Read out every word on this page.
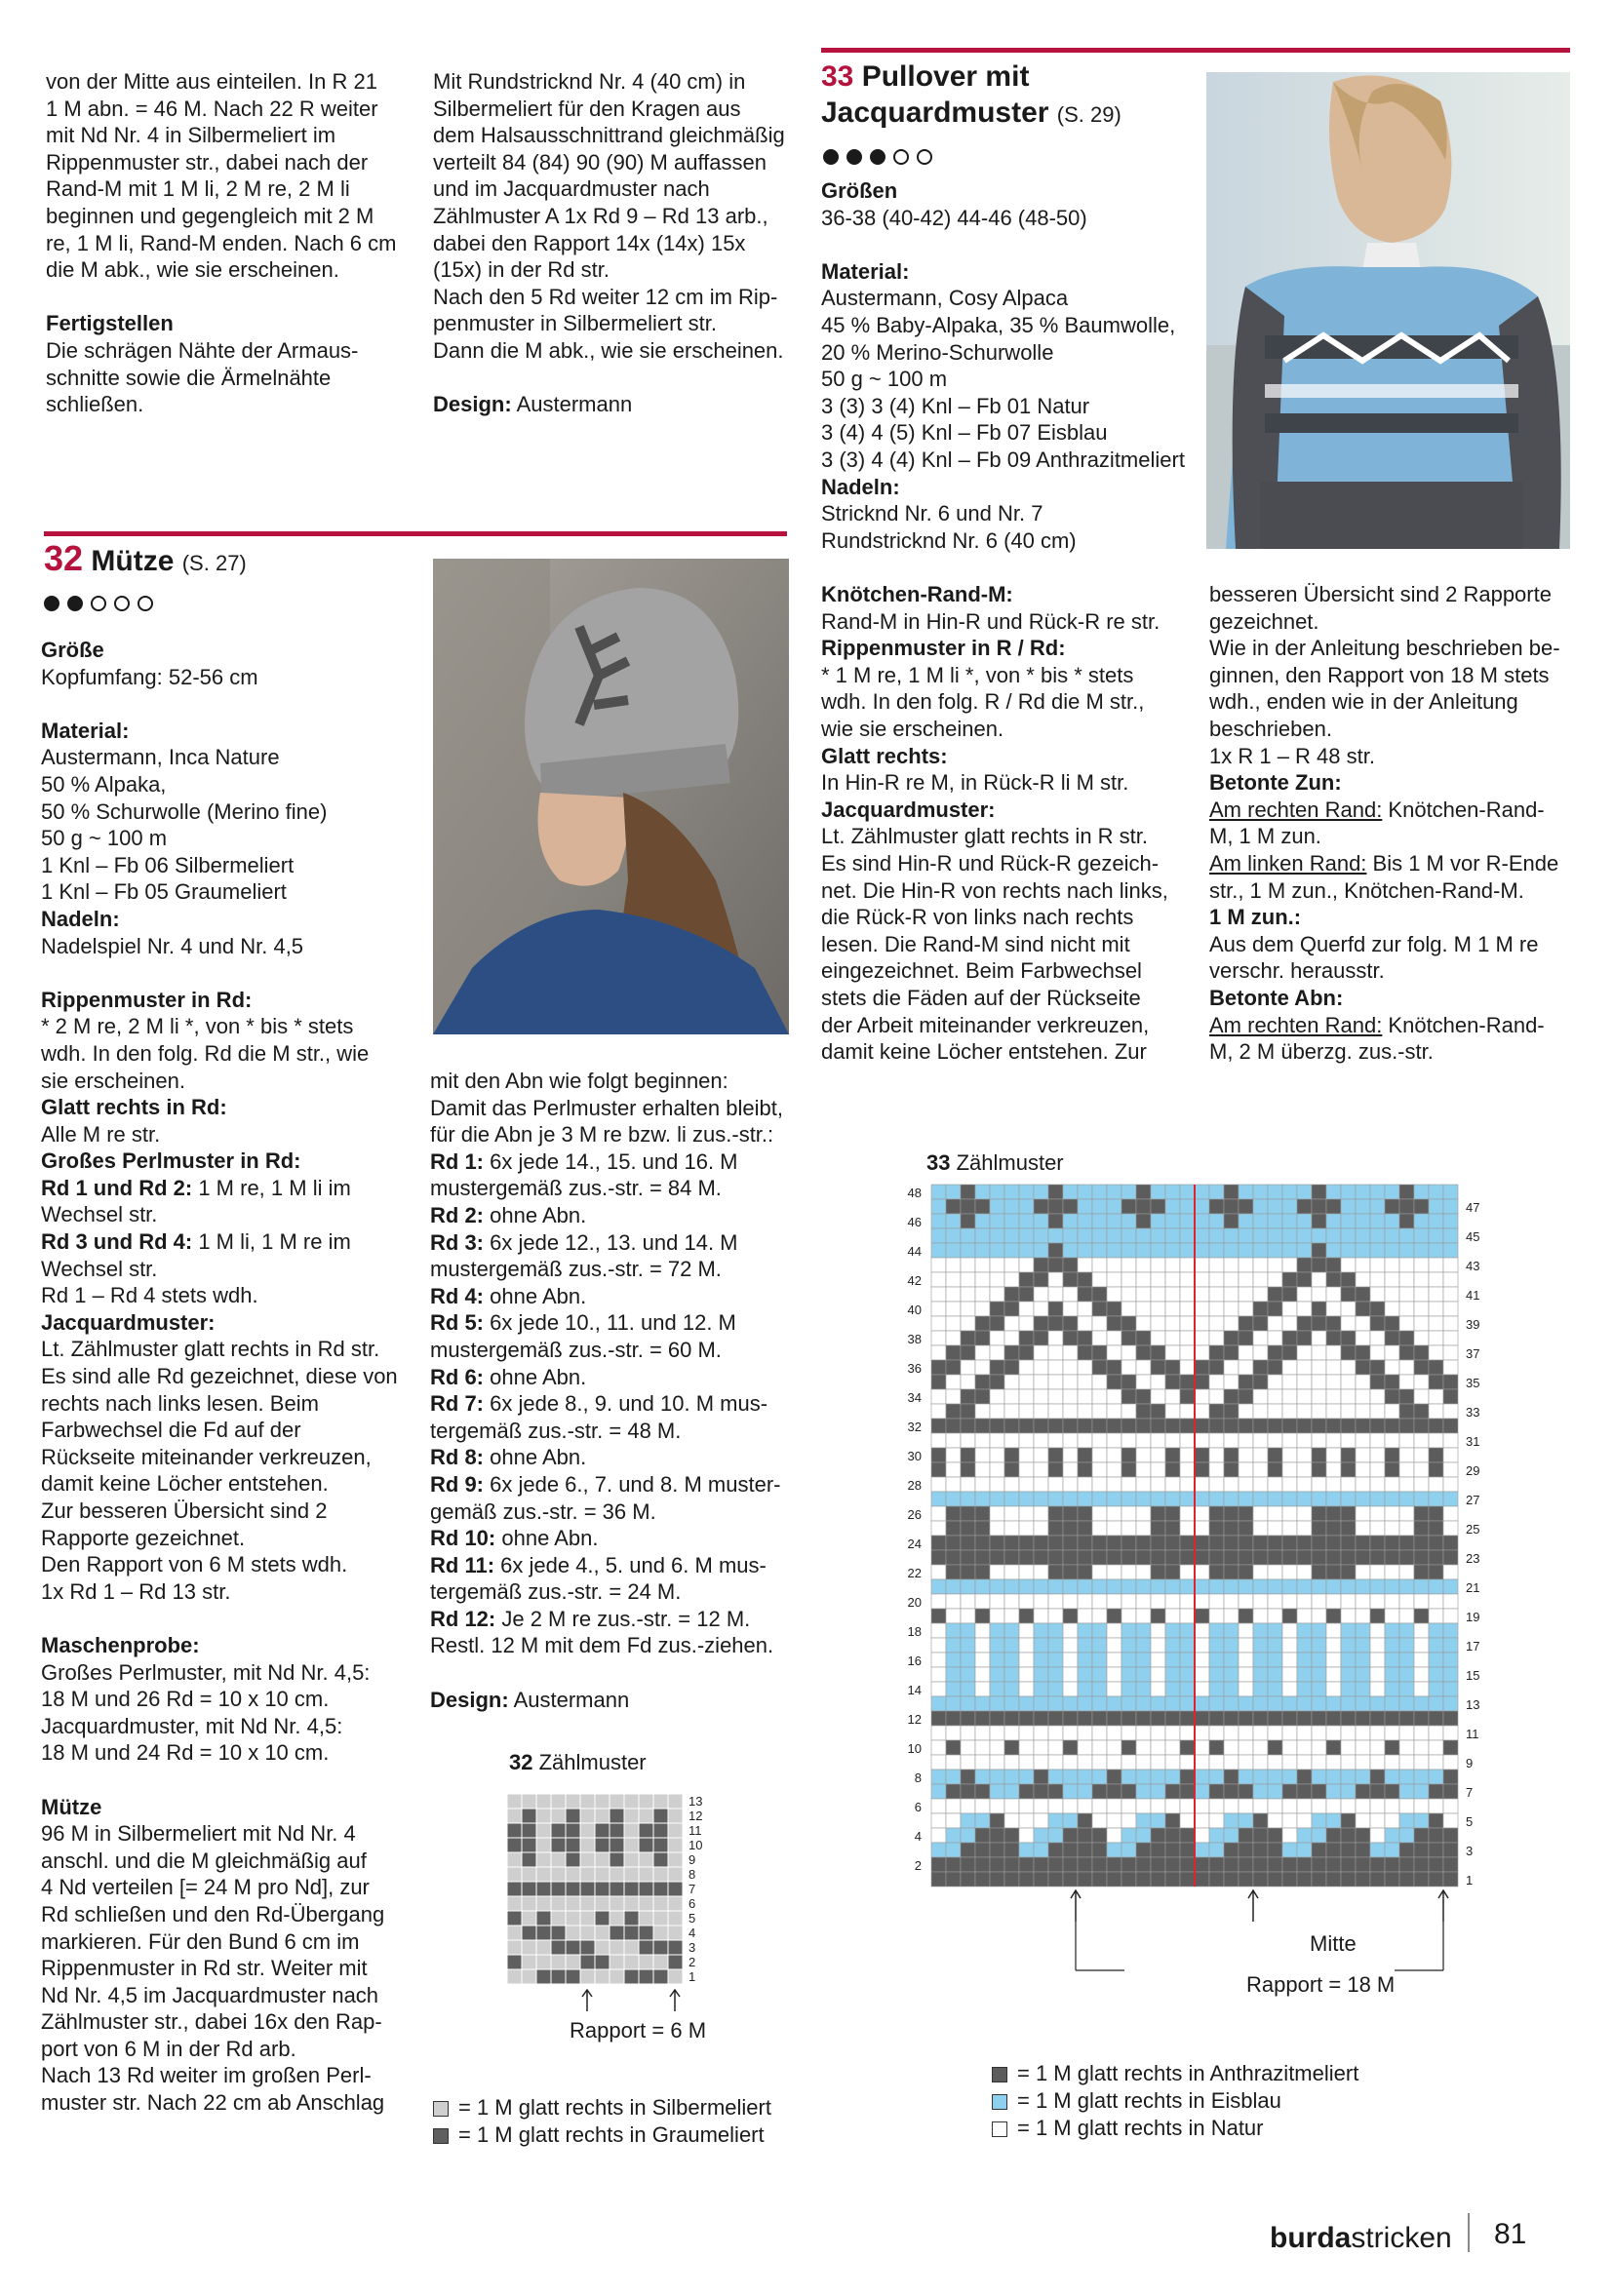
von der Mitte aus einteilen. In R 21

1 M abn. = 46 M. Nach 22 R weiter

mit Nd Nr. 4 in Silbermeliert im

Rippenmuster str., dabei nach der

Rand-M mit 1 M li, 2 M re, 2 M li

beginnen und gegengleich mit 2 M

re, 1 M li, Rand-M enden. Nach 6 cm

die M abk., wie sie erscheinen.

Fertigstellen

Die schrägen Nähte der Armaus-

schnitte sowie die Ärmelnähte

schließen.

Mit Rundstricknd Nr. 4 (40 cm) in

Silbermeliert für den Kragen aus

dem Halsausschnittrand gleichmäßig

verteilt 84 (84) 90 (90) M auffassen

und im Jacquardmuster nach

Zählmuster A 1x Rd 9 – Rd 13 arb.,

dabei den Rapport 14x (14x) 15x

(15x) in der Rd str.

Nach den 5 Rd weiter 12 cm im Rip-

penmuster in Silbermeliert str.

Dann die M abk., wie sie erscheinen.

Design: Austermann

33 Pullover mit
Jacquardmuster (S. 29)

Größen

36-38 (40-42) 44-46 (48-50)

Material:

Austermann, Cosy Alpaca

45 % Baby-Alpaka, 35 % Baumwolle,

20 % Merino-Schurwolle

50 g ~ 100 m

3 (3) 3 (4) Knl – Fb 01 Natur

3 (4) 4 (5) Knl – Fb 07 Eisblau

3 (3) 4 (4) Knl – Fb 09 Anthrazitmeliert

Nadeln:

Stricknd Nr. 6 und Nr. 7

Rundstricknd Nr. 6 (40 cm)

32 Mütze (S. 27)

Größe

Kopfumfang: 52-56 cm

Material:

Austermann, Inca Nature

50 % Alpaka,

50 % Schurwolle (Merino fine)

50 g ~ 100 m

1 Knl – Fb 06 Silbermeliert

1 Knl – Fb 05 Graumeliert

Nadeln:

Nadelspiel Nr. 4 und Nr. 4,5

Rippenmuster in Rd:

* 2 M re, 2 M li *, von * bis * stets

wdh. In den folg. Rd die M str., wie

sie erscheinen.

Glatt rechts in Rd:

Alle M re str.

Großes Perlmuster in Rd:

Rd 1 und Rd 2: 1 M re, 1 M li im

Wechsel str.

Rd 3 und Rd 4: 1 M li, 1 M re im

Wechsel str.

Rd 1 – Rd 4 stets wdh.

Jacquardmuster:

Lt. Zählmuster glatt rechts in Rd str.

Es sind alle Rd gezeichnet, diese von

rechts nach links lesen. Beim

Farbwechsel die Fd auf der

Rückseite miteinander verkreuzen,

damit keine Löcher entstehen.

Zur besseren Übersicht sind 2

Rapporte gezeichnet.

Den Rapport von 6 M stets wdh.

1x Rd 1 – Rd 13 str.

Maschenprobe:

Großes Perlmuster, mit Nd Nr. 4,5:

18 M und 26 Rd = 10 x 10 cm.

Jacquardmuster, mit Nd Nr. 4,5:

18 M und 24 Rd = 10 x 10 cm.

Mütze

96 M in Silbermeliert mit Nd Nr. 4

anschl. und die M gleichmäßig auf

4 Nd verteilen [= 24 M pro Nd], zur

Rd schließen und den Rd-Übergang

markieren. Für den Bund 6 cm im

Rippenmuster in Rd str. Weiter mit

Nd Nr. 4,5 im Jacquardmuster nach

Zählmuster str., dabei 16x den Rap-

port von 6 M in der Rd arb.

Nach 13 Rd weiter im großen Perl-

muster str. Nach 22 cm ab Anschlag

mit den Abn wie folgt beginnen:

Damit das Perlmuster erhalten bleibt,

für die Abn je 3 M re bzw. li zus.-str.:

Rd 1: 6x jede 14., 15. und 16. M

mustergemäß zus.-str. = 84 M.

Rd 2: ohne Abn.

Rd 3: 6x jede 12., 13. und 14. M

mustergemäß zus.-str. = 72 M.

Rd 4: ohne Abn.

Rd 5: 6x jede 10., 11. und 12. M

mustergemäß zus.-str. = 60 M.

Rd 6: ohne Abn.

Rd 7: 6x jede 8., 9. und 10. M mus-

tergemäß zus.-str. = 48 M.

Rd 8: ohne Abn.

Rd 9: 6x jede 6., 7. und 8. M muster-

gemäß zus.-str. = 36 M.

Rd 10: ohne Abn.

Rd 11: 6x jede 4., 5. und 6. M mus-

tergemäß zus.-str. = 24 M.

Rd 12: Je 2 M re zus.-str. = 12 M.

Restl. 12 M mit dem Fd zus.-ziehen.

Design: Austermann

Knötchen-Rand-M:

Rand-M in Hin-R und Rück-R re str.

Rippenmuster in R / Rd:

* 1 M re, 1 M li *, von * bis * stets

wdh. In den folg. R / Rd die M str.,

wie sie erscheinen.

Glatt rechts:

In Hin-R re M, in Rück-R li M str.

Jacquardmuster:

Lt. Zählmuster glatt rechts in R str.

Es sind Hin-R und Rück-R gezeich-

net. Die Hin-R von rechts nach links,

die Rück-R von links nach rechts

lesen. Die Rand-M sind nicht mit

eingezeichnet. Beim Farbwechsel

stets die Fäden auf der Rückseite

der Arbeit miteinander verkreuzen,

damit keine Löcher entstehen. Zur

besseren Übersicht sind 2 Rapporte

gezeichnet.

Wie in der Anleitung beschrieben be-

ginnen, den Rapport von 18 M stets

wdh., enden wie in der Anleitung

beschrieben.

1x R 1 – R 48 str.

Betonte Zun:

Am rechten Rand: Knötchen-Rand-

M, 1 M zun.

Am linken Rand: Bis 1 M vor R-Ende

str., 1 M zun., Knötchen-Rand-M.

1 M zun.:

Aus dem Querfd zur folg. M 1 M re

verschr. herausstr.

Betonte Abn:

Am rechten Rand: Knötchen-Rand-

M, 2 M überzg. zus.-str.

32 Zählmuster
13
12
11
10
9
8
7
6
5
4
3
2
1
Rapport = 6 M
= 1 M glatt rechts in Silbermeliert
= 1 M glatt rechts in Graumeliert
33 Zählmuster
48
47
46
45
44
43
42
41
40
39
38
37
36
35
34
33
32
31
30
29
28
27
26
25
24
23
22
21
20
19
18
17
16
15
14
13
12
11
10
9
8
7
6
5
4
3
2
1
Mitte
Rapport = 18 M
= 1 M glatt rechts in Anthrazitmeliert
= 1 M glatt rechts in Eisblau
= 1 M glatt rechts in Natur
burdastricken 81
